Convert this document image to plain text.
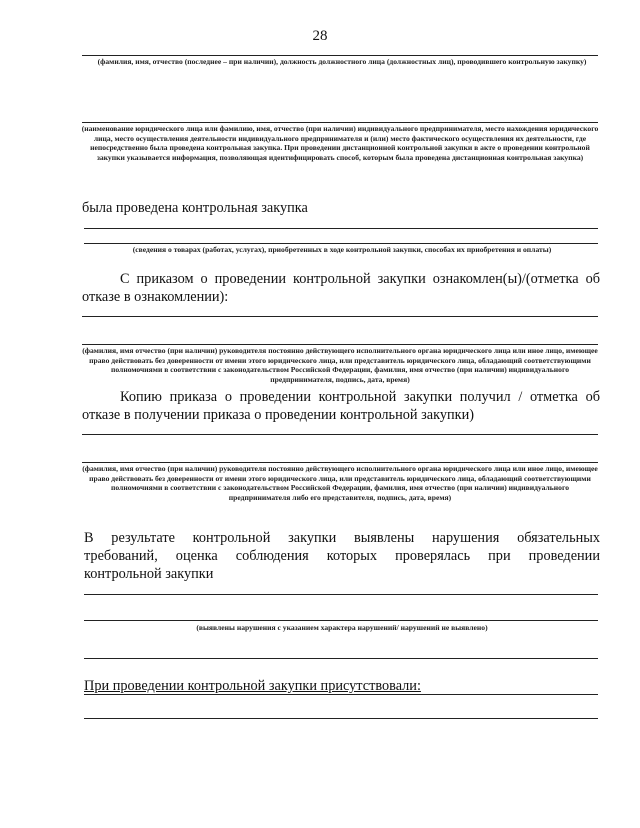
28
(фамилия, имя, отчество (последнее – при наличии), должность должностного лица (должностных лиц), проводившего контрольную закупку)
(наименование юридического лица или фамилию, имя, отчество (при наличии) индивидуального предпринимателя, место нахождения юридического лица, место осуществления деятельности индивидуального предпринимателя и (или) место фактического осуществления их деятельности, где непосредственно была проведена контрольная закупка. При проведении дистанционной контрольной закупки в акте о проведении контрольной закупки указывается информация, позволяющая идентифицировать способ, которым была проведена дистанционная контрольная закупка)
была проведена контрольная закупка
(сведения о товарах (работах, услугах), приобретенных в ходе контрольной закупки, способах их приобретения и оплаты)
С приказом о проведении контрольной закупки ознакомлен(ы)/(отметка об
отказе в ознакомлении):
(фамилия, имя отчество (при наличии) руководителя постоянно действующего исполнительного органа юридического лица или иное лицо, имеющее право действовать без доверенности от имени этого юридического лица, или представитель юридического лица, обладающий соответствующими полномочиями в соответствии с законодательством Российской Федерации, фамилия, имя отчество (при наличии) индивидуального предпринимателя, подпись, дата, время)
Копию приказа о проведении контрольной закупки получил / отметка об
отказе в получении приказа о проведении контрольной закупки)
(фамилия, имя отчество (при наличии) руководителя постоянно действующего исполнительного органа юридического лица или иное лицо, имеющее право действовать без доверенности от имени этого юридического лица, или представитель юридического лица, обладающий соответствующими полномочиями в соответствии с законодательством Российской Федерации, фамилия, имя отчество (при наличии) индивидуального предпринимателя либо его представителя, подпись, дата, время)
В результате контрольной закупки выявлены нарушения обязательных
требований, оценка соблюдения которых проверялась при проведении
контрольной закупки
(выявлены нарушения с указанием характера нарушений/ нарушений не выявлено)
При проведении контрольной закупки присутствовали:
